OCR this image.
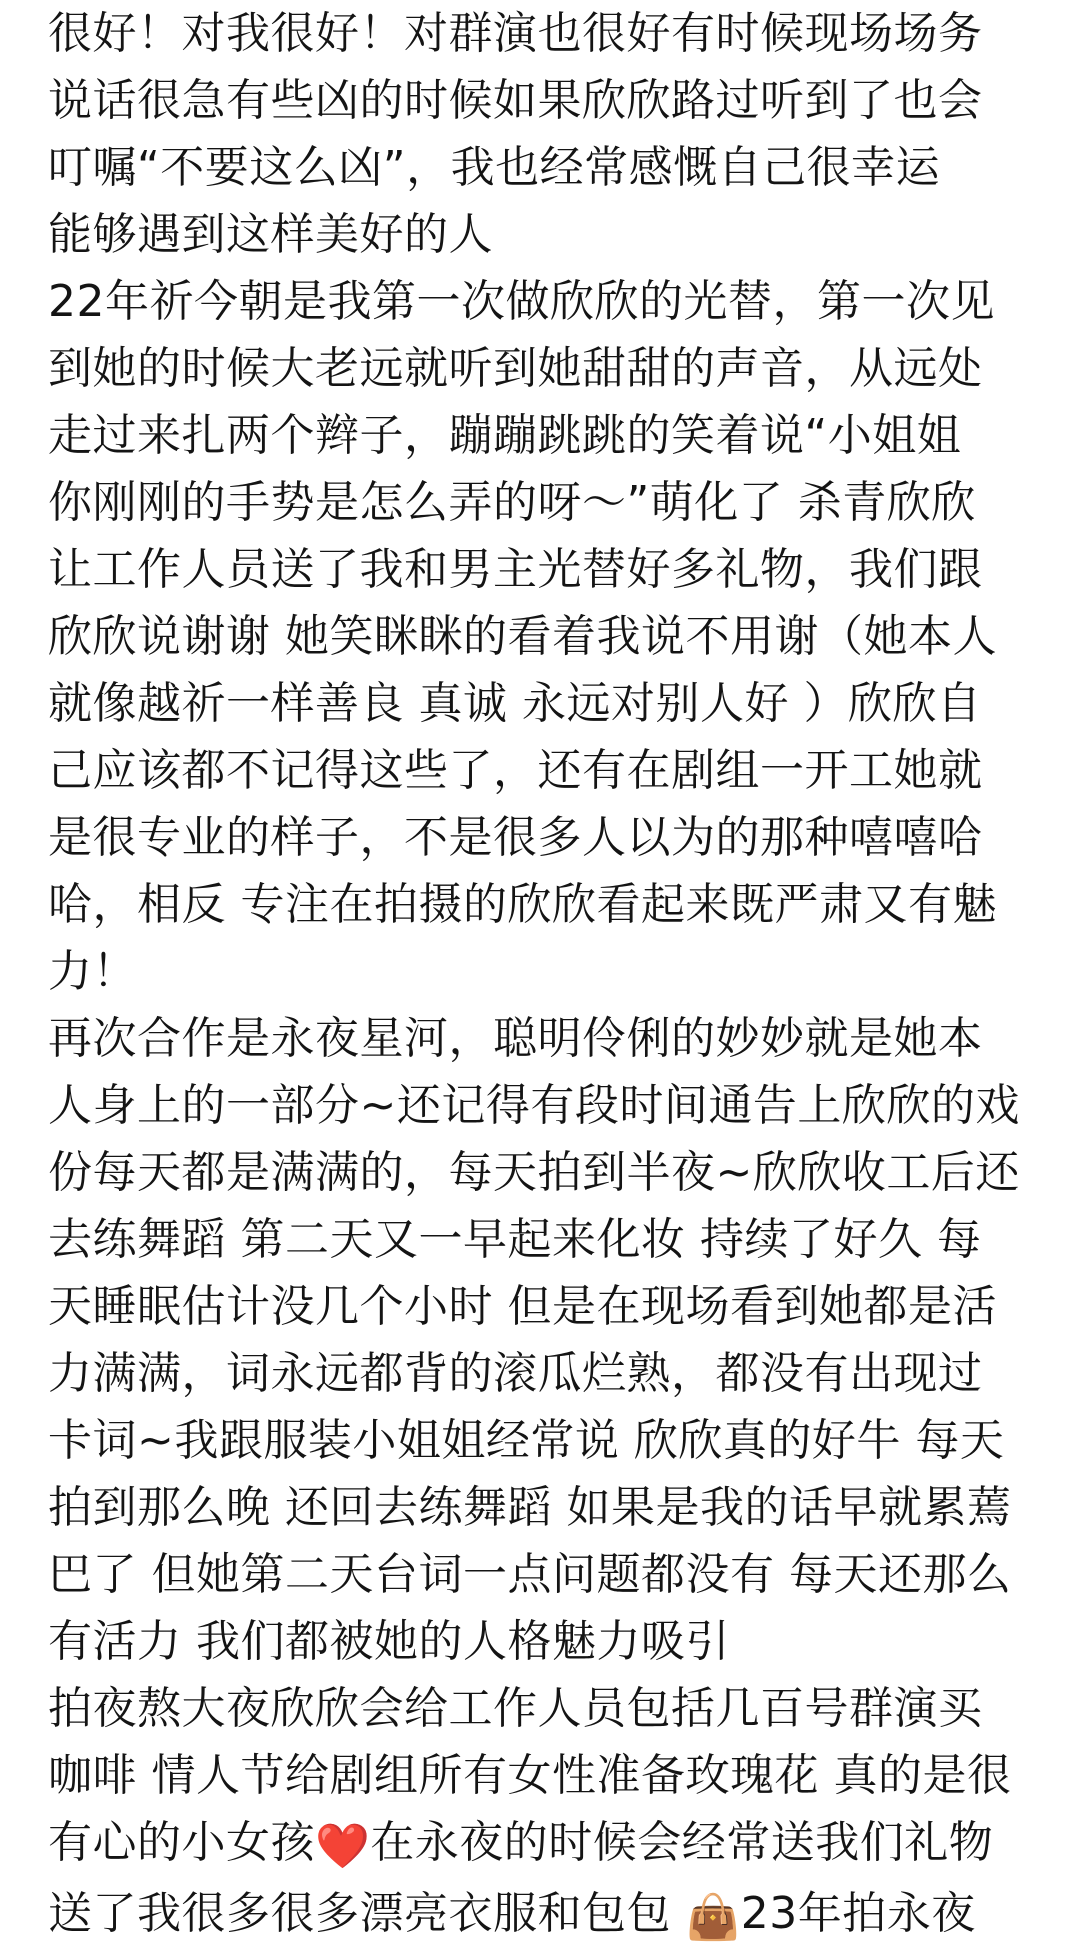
很好！对我很好！对群演也很好有时候现场场务
说话很急有些凶的时候如果欣欣路过听到了也会
叮嘱“不要这么凶”，我也经常感慨自己很幸运
能够遇到这样美好的人
22年祈今朝是我第一次做欣欣的光替，第一次见
到她的时候大老远就听到她甜甜的声音，从远处
走过来扎两个辫子，蹦蹦跳跳的笑着说“小姐姐
你刚刚的手势是怎么弄的呀～”萌化了 杀青欣欣
让工作人员送了我和男主光替好多礼物，我们跟
欣欣说谢谢 她笑眯眯的看着我说不用谢（她本人
就像越祈一样善良 真诚 永远对别人好 ）欣欣自
己应该都不记得这些了，还有在剧组一开工她就
是很专业的样子，不是很多人以为的那种嘻嘻哈
哈，相反 专注在拍摄的欣欣看起来既严肃又有魅
力！
再次合作是永夜星河，聪明伶俐的妙妙就是她本
人身上的一部分~还记得有段时间通告上欣欣的戏
份每天都是满满的，每天拍到半夜~欣欣收工后还
去练舞蹈 第二天又一早起来化妆 持续了好久 每
天睡眠估计没几个小时 但是在现场看到她都是活
力满满，词永远都背的滚瓜烂熟，都没有出现过
卡词~我跟服装小姐姐经常说 欣欣真的好牛 每天
拍到那么晚 还回去练舞蹈 如果是我的话早就累蔫
巴了 但她第二天台词一点问题都没有 每天还那么
有活力 我们都被她的人格魅力吸引
拍夜熬大夜欣欣会给工作人员包括几百号群演买
咖啡 情人节给剧组所有女性准备玫瑰花 真的是很
有心的小女孩❤️在永夜的时候会经常送我们礼物
送了我很多很多漂亮衣服和包包 👜23年拍永夜
